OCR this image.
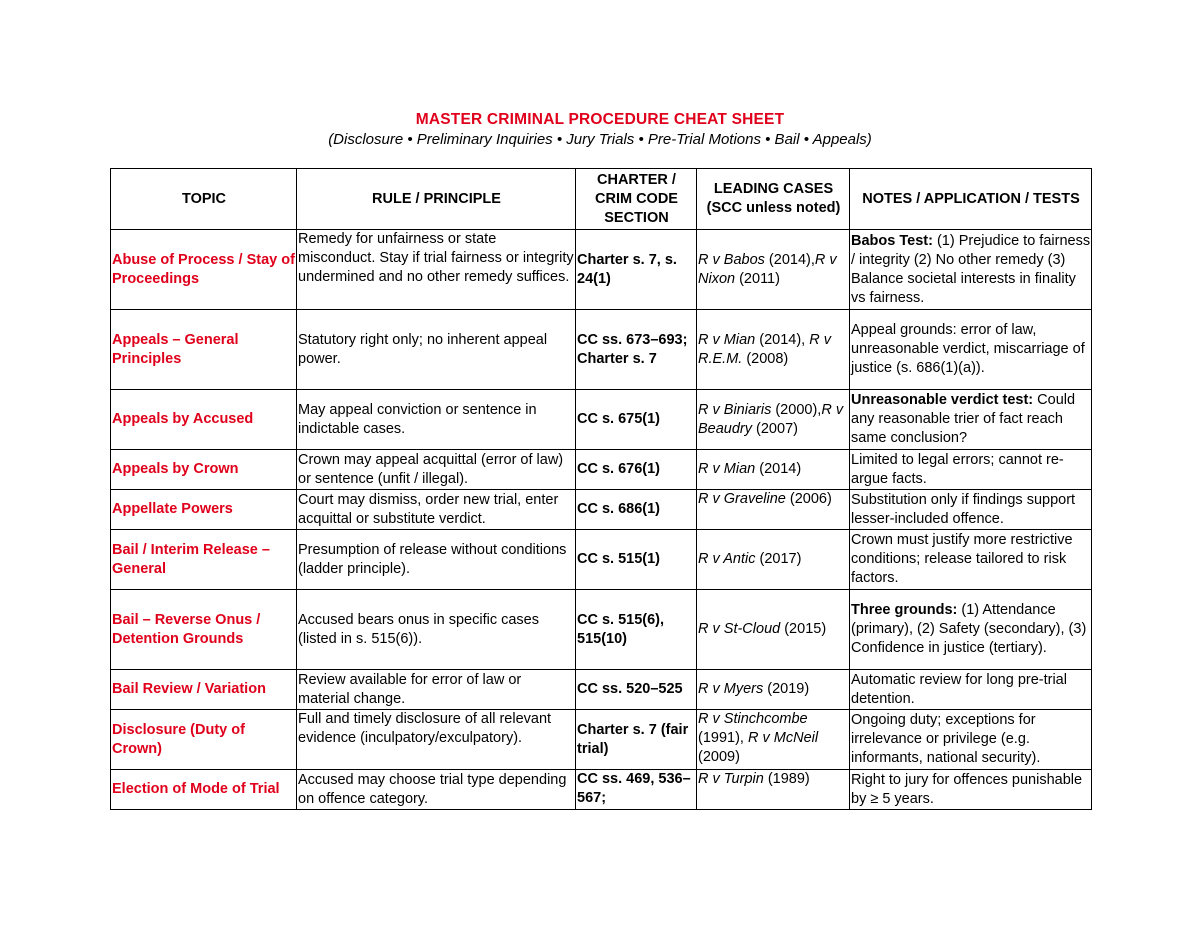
MASTER CRIMINAL PROCEDURE CHEAT SHEET
(Disclosure • Preliminary Inquiries • Jury Trials • Pre-Trial Motions • Bail • Appeals)
TOPIC	RULE / PRINCIPLE	CHARTER / CRIM CODE SECTION	LEADING CASES (SCC unless noted)	NOTES / APPLICATION / TESTS
Abuse of Process / Stay of Proceedings	Remedy for unfairness or state misconduct. Stay if trial fairness or integrity undermined and no other remedy suffices.	Charter s. 7, s. 24(1)	R v Babos (2014),R v Nixon (2011)	Babos Test: (1) Prejudice to fairness / integrity (2) No other remedy (3) Balance societal interests in finality vs fairness.
Appeals – General Principles	Statutory right only; no inherent appeal power.	CC ss. 673–693; Charter s. 7	R v Mian (2014), R v R.E.M. (2008)	Appeal grounds: error of law, unreasonable verdict, miscarriage of justice (s. 686(1)(a)).
Appeals by Accused	May appeal conviction or sentence in indictable cases.	CC s. 675(1)	R v Biniaris (2000),R v Beaudry (2007)	Unreasonable verdict test: Could any reasonable trier of fact reach same conclusion?
Appeals by Crown	Crown may appeal acquittal (error of law) or sentence (unfit / illegal).	CC s. 676(1)	R v Mian (2014)	Limited to legal errors; cannot re-argue facts.
Appellate Powers	Court may dismiss, order new trial, enter acquittal or substitute verdict.	CC s. 686(1)	R v Graveline (2006)	Substitution only if findings support lesser-included offence.
Bail / Interim Release – General	Presumption of release without conditions (ladder principle).	CC s. 515(1)	R v Antic (2017)	Crown must justify more restrictive conditions; release tailored to risk factors.
Bail – Reverse Onus / Detention Grounds	Accused bears onus in specific cases (listed in s. 515(6)).	CC s. 515(6), 515(10)	R v St-Cloud (2015)	Three grounds: (1) Attendance (primary), (2) Safety (secondary), (3) Confidence in justice (tertiary).
Bail Review / Variation	Review available for error of law or material change.	CC ss. 520–525	R v Myers (2019)	Automatic review for long pre-trial detention.
Disclosure (Duty of Crown)	Full and timely disclosure of all relevant evidence (inculpatory/exculpatory).	Charter s. 7 (fair trial)	R v Stinchcombe (1991), R v McNeil (2009)	Ongoing duty; exceptions for irrelevance or privilege (e.g. informants, national security).
Election of Mode of Trial	Accused may choose trial type depending on offence category.	CC ss. 469, 536–567;	R v Turpin (1989)	Right to jury for offences punishable by ≥ 5 years.
